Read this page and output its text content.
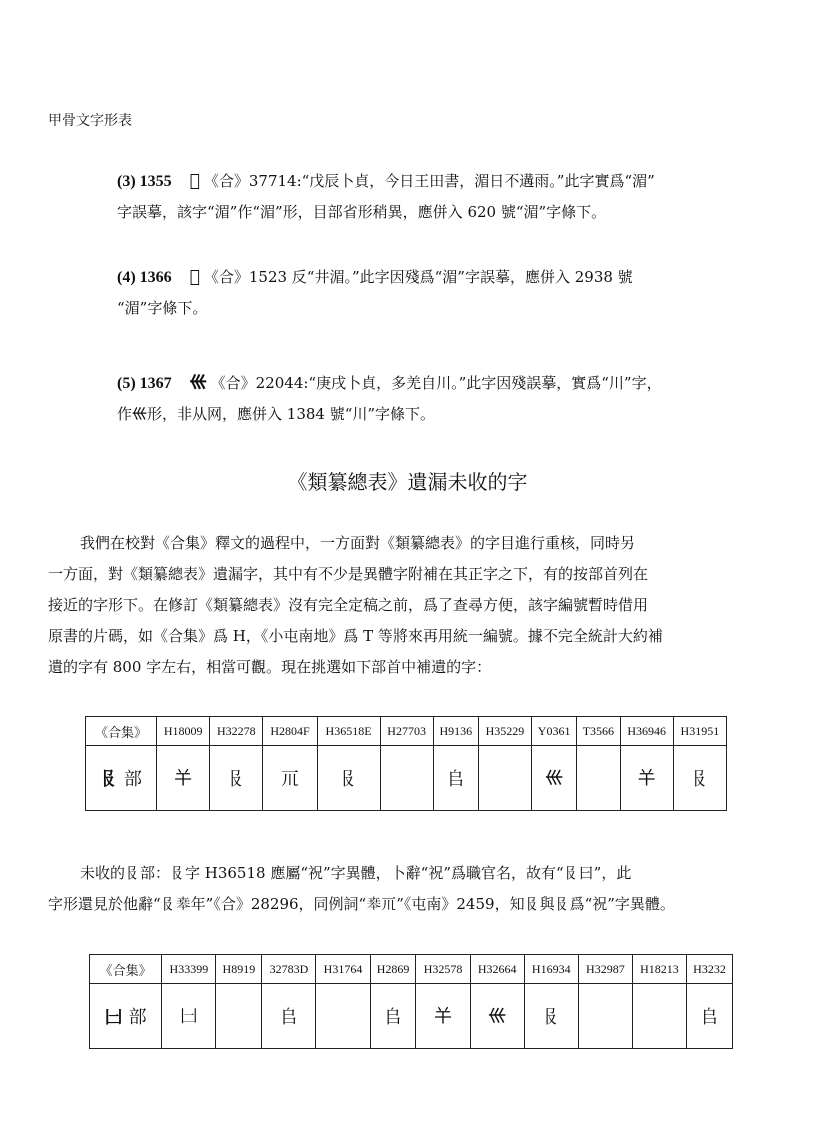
甲骨文字形表
(3) 1355 𠇏 《合》37714:“戊辰卜貞，今日王田書，湄日不遘雨。”此字實爲“湄”
字誤摹，該字“湄”作“湄”形，目部省形稍異，應併入 620 號“湄”字條下。
(4) 1366 𢀢 《合》1523 反“井湄。”此字因殘爲“湄”字誤摹，應併入 2938 號
“湄”字條下。
(5) 1367 𡿧 《合》22044:“庚戌卜貞，多羌自川。”此字因殘誤摹，實爲“川”字，
作𡿧形，非从网，應併入 1384 號“川”字條下。
《類纂總表》遺漏未收的字
我們在校對《合集》釋文的過程中，一方面對《類纂總表》的字目進行重核，同時另
一方面，對《類纂總表》遺漏字，其中有不少是異體字附補在其正字之下，有的按部首列在
接近的字形下。在修訂《類纂總表》沒有完全定稿之前，爲了查尋方便，該字編號暫時借用
原書的片碼，如《合集》爲 H，《小屯南地》爲 T 等將來再用統一編號。據不完全統計大約補
遺的字有 800 字左右，相當可觀。現在挑選如下部首中補遺的字：
《合集》	H18009	H32278	H2804F	H36518E	H27703	H9136	H35229	Y0361	T3566	H36946	H31951
𠬝 部	𢆉	𠬝	𥘅	𠬝	𢀢	𠂤	𢀢	𡿧	𠇏	𢆉	𠬝
未收的𠬝部：𠬝字 H36518 應屬“祝”字異體，卜辭“祝”爲職官名，故有“𠬝曰”，此
字形還見於他辭“𠬝𠦪年”《合》28296，同例詞“𠦪𥘅”《屯南》2459，知𠬝與𠬝爲“祝”字異體。
《合集》	H33399	H8919	32783D	H31764	H2869	H32578	H32664	H16934	H32987	H18213	H3232
𠙵 部	𠙵	𢀢	𠂤	𠇏	𠂤	𢆉	𡿧	𠬝	𢀢	𠇏	𠂤
